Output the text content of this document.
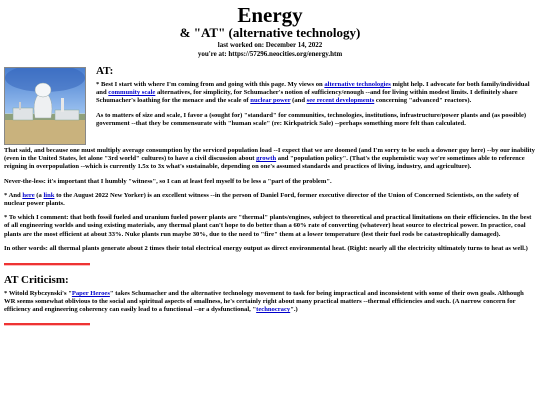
Energy
& "AT" (alternative technology)
last worked on: December 14, 2022
you're at: https://57296.neocities.org/energy.htm
AT:

* Best I start with where I'm coming from and going with this page. My views on alternative technologies might help. I advocate for both family/individual and community scale alternatives, for simplicity, for Schumacher's notion of sufficiency/enough --and for living within modest limits. I definitely share Schumacher's loathing for the menace and the scale of nuclear power (and see recent developments concerning "advanced" reactors).

As to matters of size and scale, I favor a (sought for) "standard" for communities, technologies, institutions, infrastructure/power plants and (as possible) government --that they be commensurate with "human scale" (re: Kirkpatrick Sale) --perhaps something more felt than calculated.

That said, and because one must multiply average consumption by the serviced population load --I expect that we are doomed (and I'm sorry to be such a downer guy here) --by our inability (even in the United States, let alone "3rd world" cultures) to have a civil discussion about growth and "population policy". (That's the euphemistic way we're sometimes able to reference reigning in overpopulation --which is currently 1.5x to 3x what's sustainable, depending on one's assumed standards and practices of living, industry, and agriculture).

Never-the-less: it's important that I humbly "witness", so I can at least feel myself to be less a "part of the problem".

* And here (a link to the August 2022 New Yorker) is an excellent witness --in the person of Daniel Ford, former executive director of the Union of Concerned Scientists, on the safety of nuclear power plants.

* To which I comment: that both fossil fueled and uranium fueled power plants are "thermal" plants/engines, subject to theoretical and practical limitations on their efficiencies. In the best of all engineering worlds and using existing materials, any thermal plant can't hope to do better than a 60% rate of converting (whatever) heat source to electrical power. In practice, coal plants are the most efficient at about 33%. Nuke plants run maybe 30%, due to the need to "fire" them at a lower temperature (lest their fuel rods be catastrophically damaged).

In other words: all thermal plants generate about 2 times their total electrical energy output as direct environmental heat. (Right: nearly all the electricity ultimately turns to heat as well.)

AT Criticism:

* Witold Rybczynski's "Paper Heroes" takes Schumacher and the alternative technology movement to task for being impractical and inconsistent with some of their own goals. Although WR seems somewhat oblivious to the social and spiritual aspects of smallness, he's certainly right about many practical matters --thermal efficiencies and such. (A narrow concern for efficiency and engineering coherency can easily lead to a functional --or a dysfunctional, "technocracy".)
